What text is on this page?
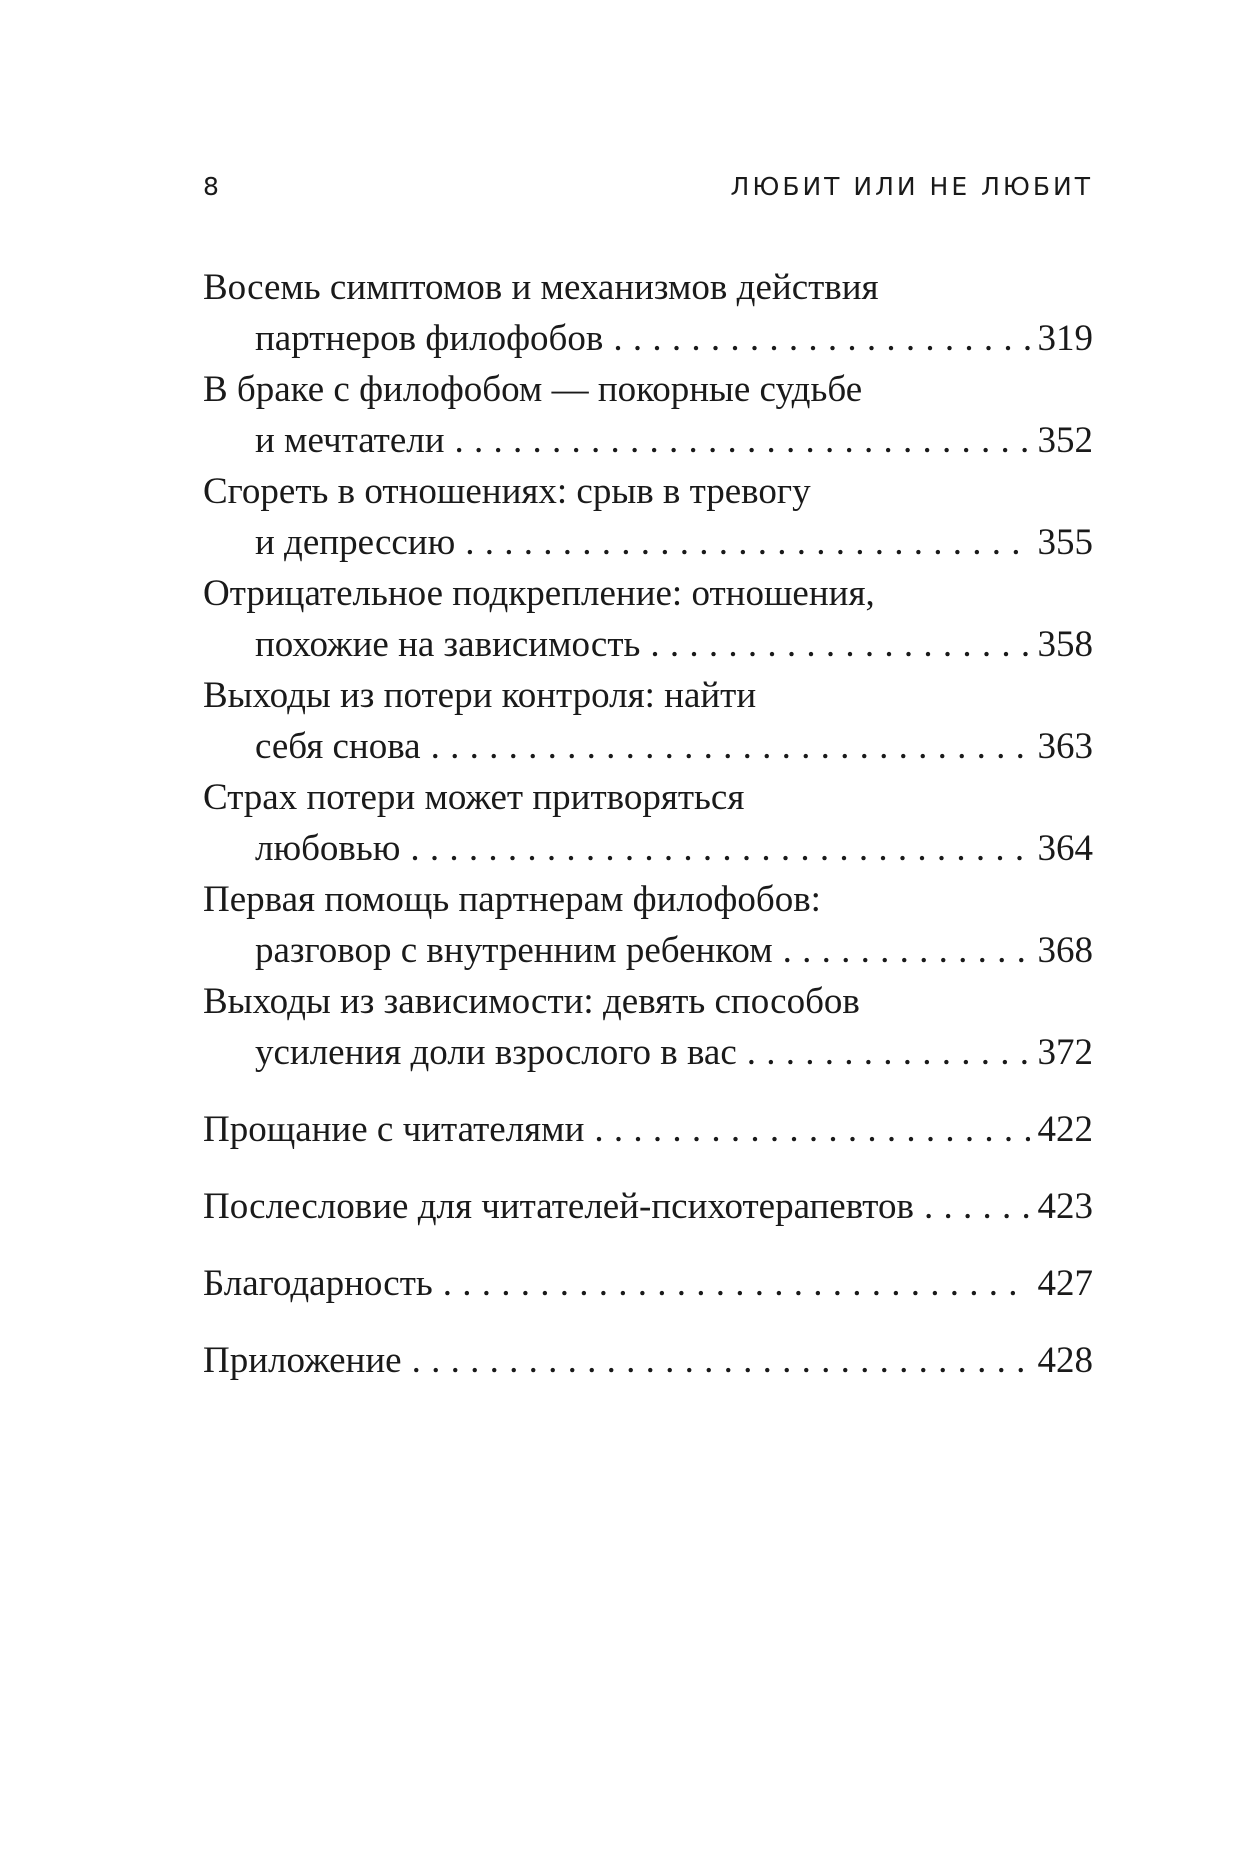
8	ЛЮБИТ ИЛИ НЕ ЛЮБИТ
Восемь симптомов и механизмов действия
партнеров филофобов . . .	319
В браке с филофобом — покорные судьбе
и мечтатели . . .	352
Сгореть в отношениях: срыв в тревогу
и депрессию . . .	355
Отрицательное подкрепление: отношения,
похожие на зависимость . . .	358
Выходы из потери контроля: найти
себя снова . . .	363
Страх потери может притворяться
любовью . . .	364
Первая помощь партнерам филофобов:
разговор с внутренним ребенком . . .	368
Выходы из зависимости: девять способов
усиления доли взрослого в вас . . .	372
Прощание с читателями . . .	422
Послесловие для читателей-психотерапевтов . . .	423
Благодарность . . .	427
Приложение . . .	428
